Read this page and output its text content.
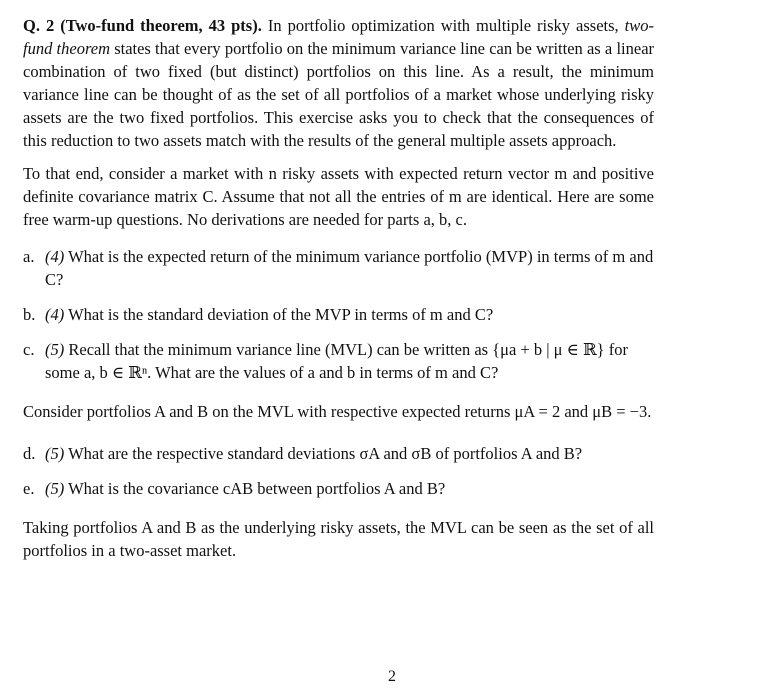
Q. 2 (Two-fund theorem, 43 pts). In portfolio optimization with multiple risky assets, two-fund theorem states that every portfolio on the minimum variance line can be written as a linear combination of two fixed (but distinct) portfolios on this line. As a result, the minimum variance line can be thought of as the set of all portfolios of a market whose underlying risky assets are the two fixed portfolios. This exercise asks you to check that the consequences of this reduction to two assets match with the results of the general multiple assets approach.

To that end, consider a market with n risky assets with expected return vector m and positive definite covariance matrix C. Assume that not all the entries of m are identical. Here are some free warm-up questions. No derivations are needed for parts a, b, c.

a. (4) What is the expected return of the minimum variance portfolio (MVP) in terms of m and C?
b. (4) What is the standard deviation of the MVP in terms of m and C?
c. (5) Recall that the minimum variance line (MVL) can be written as {μa + b | μ ∈ ℝ} for some a, b ∈ ℝⁿ. What are the values of a and b in terms of m and C?

Consider portfolios A and B on the MVL with respective expected returns μA = 2 and μB = −3.

d. (5) What are the respective standard deviations σA and σB of portfolios A and B?
e. (5) What is the covariance cAB between portfolios A and B?

Taking portfolios A and B as the underlying risky assets, the MVL can be seen as the set of all portfolios in a two-asset market.

2
